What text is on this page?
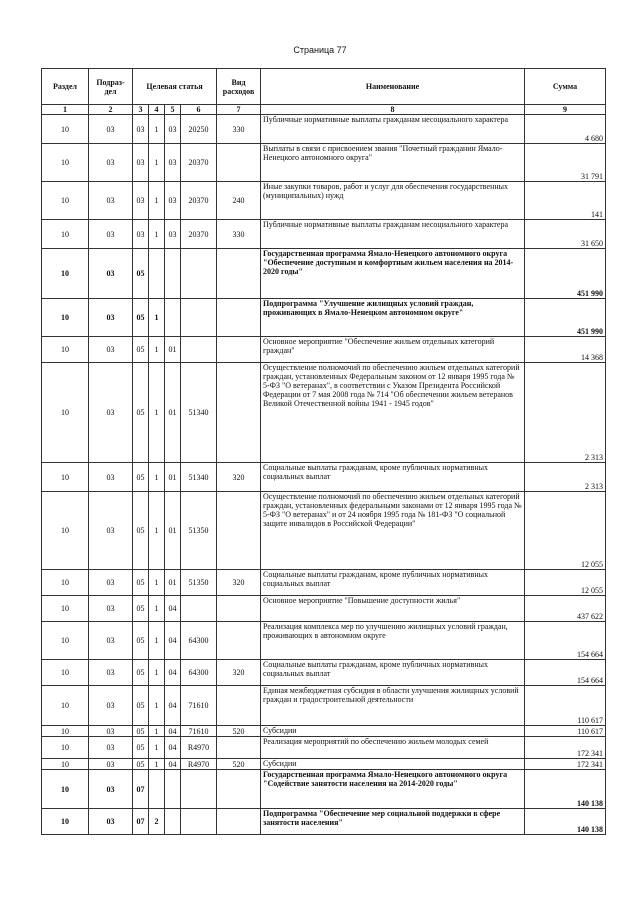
Страница 77
Раздел	Подраз-дел	Целевая статья				Вид расходов	Наименование	Сумма
1	2	3	4	5	6	7	8	9
10	03	03	1	03	20250	330	Публичные нормативные выплаты гражданам несоциального характера	4 680
10	03	03	1	03	20370		Выплаты в связи с присвоением звания "Почетный гражданин Ямало-Ненецкого автономного округа"	31 791
10	03	03	1	03	20370	240	Иные закупки товаров, работ и услуг для обеспечения государственных (муниципальных) нужд	141
10	03	03	1	03	20370	330	Публичные нормативные выплаты гражданам несоциального характера	31 650
10	03	05					Государственная программа Ямало-Ненецкого автономного округа "Обеспечение доступным и комфортным жильем населения на 2014-2020 годы"	451 990
10	03	05	1				Подпрограмма "Улучшение жилищных условий граждан, проживающих в Ямало-Ненецком автономном округе"	451 990
10	03	05	1	01			Основное мероприятие "Обеспечение жильем отдельных категорий граждан"	14 368
10	03	05	1	01	51340		Осуществление полномочий по обеспечению жильем отдельных категорий граждан, установленных Федеральным законом от 12 января 1995 года № 5-ФЗ "О ветеранах", в соответствии с Указом Президента Российской Федерации от 7 мая 2008 года № 714 "Об обеспечении жильем ветеранов Великой Отечественной войны 1941 - 1945 годов"	2 313
10	03	05	1	01	51340	320	Социальные выплаты гражданам, кроме публичных нормативных социальных выплат	2 313
10	03	05	1	01	51350		Осуществление полномочий по обеспечению жильем отдельных категорий граждан, установленных федеральными законами от 12 января 1995 года № 5-ФЗ "О ветеранах" и от 24 ноября 1995 года № 181-ФЗ "О социальной защите инвалидов в Российской Федерации"	12 055
10	03	05	1	01	51350	320	Социальные выплаты гражданам, кроме публичных нормативных социальных выплат	12 055
10	03	05	1	04			Основное мероприятие "Повышение доступности жилья"	437 622
10	03	05	1	04	64300		Реализация комплекса мер по улучшению жилищных условий граждан, проживающих в автономном округе	154 664
10	03	05	1	04	64300	320	Социальные выплаты гражданам, кроме публичных нормативных социальных выплат	154 664
10	03	05	1	04	71610		Единая межбюджетная субсидия в области улучшения жилищных условий граждан и градостроительной деятельности	110 617
10	03	05	1	04	71610	520	Субсидии	110 617
10	03	05	1	04	R4970		Реализация мероприятий по обеспечению жильем молодых семей	172 341
10	03	05	1	04	R4970	520	Субсидии	172 341
10	03	07					Государственная программа Ямало-Ненецкого автономного округа "Содействие занятости населения на 2014-2020 годы"	140 138
10	03	07	2				Подпрограмма "Обеспечение мер социальной поддержки в сфере занятости населения"	140 138
